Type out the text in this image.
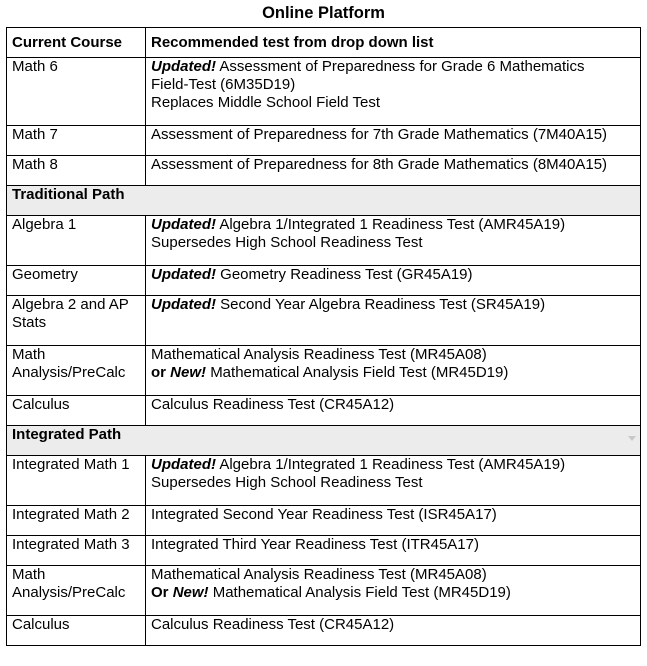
Online Platform
Current Course	Recommended test from drop down list
Math 6	Updated! Assessment of Preparedness for Grade 6 Mathematics
Field-Test (6M35D19)
Replaces Middle School Field Test

Math 7	Assessment of Preparedness for 7th Grade Mathematics (7M40A15)
Math 8	Assessment of Preparedness for 8th Grade Mathematics (8M40A15)
Traditional Path	
Algebra 1	Updated! Algebra 1/Integrated 1 Readiness Test (AMR45A19)
Supersedes High School Readiness Test

Geometry	Updated! Geometry Readiness Test (GR45A19)
Algebra 2 and AP Stats	Updated! Second Year Algebra Readiness Test (SR45A19)
Math Analysis/PreCalc	Mathematical Analysis Readiness Test (MR45A08)
or New! Mathematical Analysis Field Test (MR45D19)

Calculus	Calculus Readiness Test (CR45A12)
Integrated Path	
Integrated Math 1	Updated! Algebra 1/Integrated 1 Readiness Test (AMR45A19)
Supersedes High School Readiness Test

Integrated Math 2	Integrated Second Year Readiness Test (ISR45A17)
Integrated Math 3	Integrated Third Year Readiness Test (ITR45A17)
Math Analysis/PreCalc	Mathematical Analysis Readiness Test (MR45A08)
Or New! Mathematical Analysis Field Test (MR45D19)

Calculus	Calculus Readiness Test (CR45A12)
